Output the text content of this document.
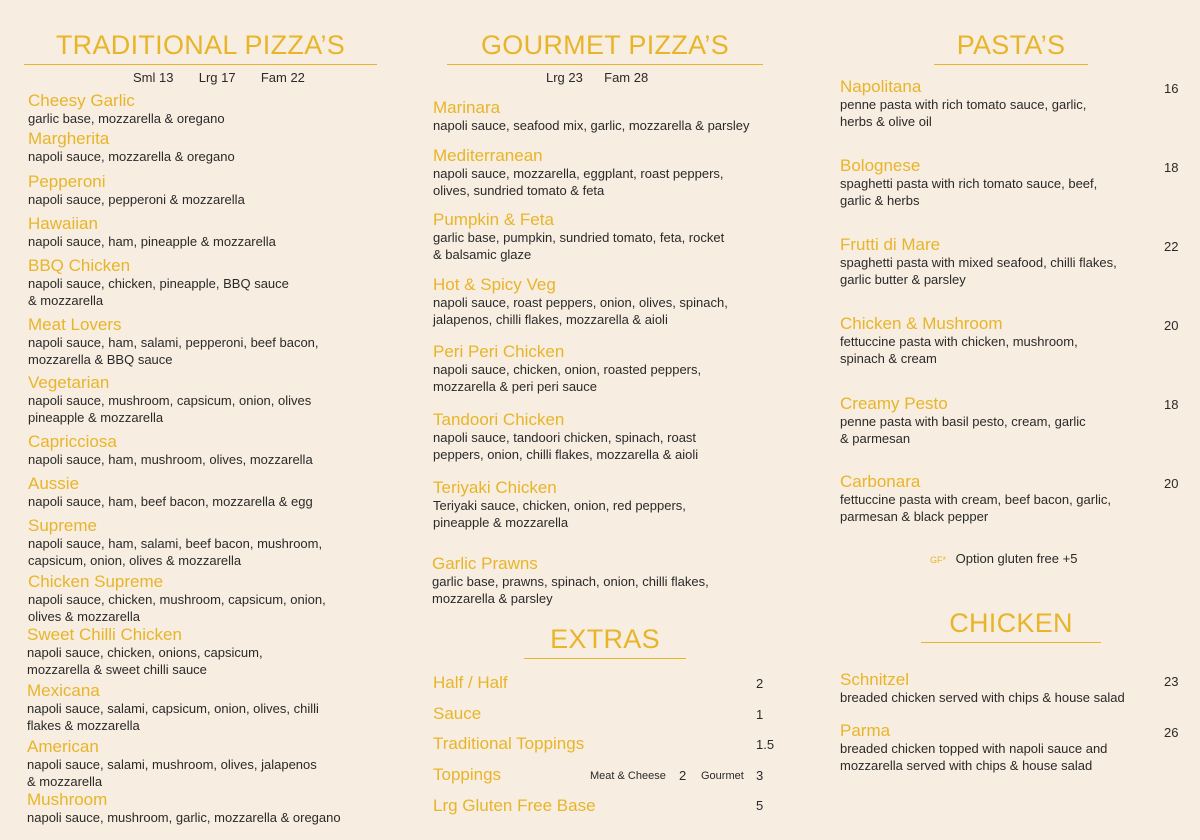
TRADITIONAL PIZZA’S
Sml 13 Lrg 17 Fam 22
Cheesy Garlic
garlic base, mozzarella & oregano
Margherita
napoli sauce, mozzarella & oregano
Pepperoni
napoli sauce, pepperoni & mozzarella
Hawaiian
napoli sauce, ham, pineapple & mozzarella
BBQ Chicken
napoli sauce, chicken, pineapple, BBQ sauce
& mozzarella
Meat Lovers
napoli sauce, ham, salami, pepperoni, beef bacon,
mozzarella & BBQ sauce
Vegetarian
napoli sauce, mushroom, capsicum, onion, olives
pineapple & mozzarella
Capricciosa
napoli sauce, ham, mushroom, olives, mozzarella
Aussie
napoli sauce, ham, beef bacon, mozzarella & egg
Supreme
napoli sauce, ham, salami, beef bacon, mushroom,
capsicum, onion, olives & mozzarella
Chicken Supreme
napoli sauce, chicken, mushroom, capsicum, onion,
olives & mozzarella
Sweet Chilli Chicken
napoli sauce, chicken, onions, capsicum,
mozzarella & sweet chilli sauce
Mexicana
napoli sauce, salami, capsicum, onion, olives, chilli
flakes & mozzarella
American
napoli sauce, salami, mushroom, olives, jalapenos
& mozzarella
Mushroom
napoli sauce, mushroom, garlic, mozzarella & oregano
GOURMET PIZZA’S
Lrg 23 Fam 28
Marinara
napoli sauce, seafood mix, garlic, mozzarella & parsley
Mediterranean
napoli sauce, mozzarella, eggplant, roast peppers,
olives, sundried tomato & feta
Pumpkin & Feta
garlic base, pumpkin, sundried tomato, feta, rocket
& balsamic glaze
Hot & Spicy Veg
napoli sauce, roast peppers, onion, olives, spinach,
jalapenos, chilli flakes, mozzarella & aioli
Peri Peri Chicken
napoli sauce, chicken, onion, roasted peppers,
mozzarella & peri peri sauce
Tandoori Chicken
napoli sauce, tandoori chicken, spinach, roast
peppers, onion, chilli flakes, mozzarella & aioli
Teriyaki Chicken
Teriyaki sauce, chicken, onion, red peppers,
pineapple & mozzarella
Garlic Prawns
garlic base, prawns, spinach, onion, chilli flakes,
mozzarella & parsley
EXTRAS
Half / Half	2
Sauce	1
Traditional Toppings	1.5
Toppings	Meat & Cheese 2 Gourmet 3
Lrg Gluten Free Base	5
PASTA’S
Napolitana
penne pasta with rich tomato sauce, garlic,
herbs & olive oil
16
Bolognese
spaghetti pasta with rich tomato sauce, beef,
garlic & herbs
18
Frutti di Mare
spaghetti pasta with mixed seafood, chilli flakes,
garlic butter & parsley
22
Chicken & Mushroom
fettuccine pasta with chicken, mushroom,
spinach & cream
20
Creamy Pesto
penne pasta with basil pesto, cream, garlic
& parmesan
18
Carbonara
fettuccine pasta with cream, beef bacon, garlic,
parmesan & black pepper
20
GF* Option gluten free +5
CHICKEN
Schnitzel
breaded chicken served with chips & house salad
23
Parma
breaded chicken topped with napoli sauce and
mozzarella served with chips & house salad
26
